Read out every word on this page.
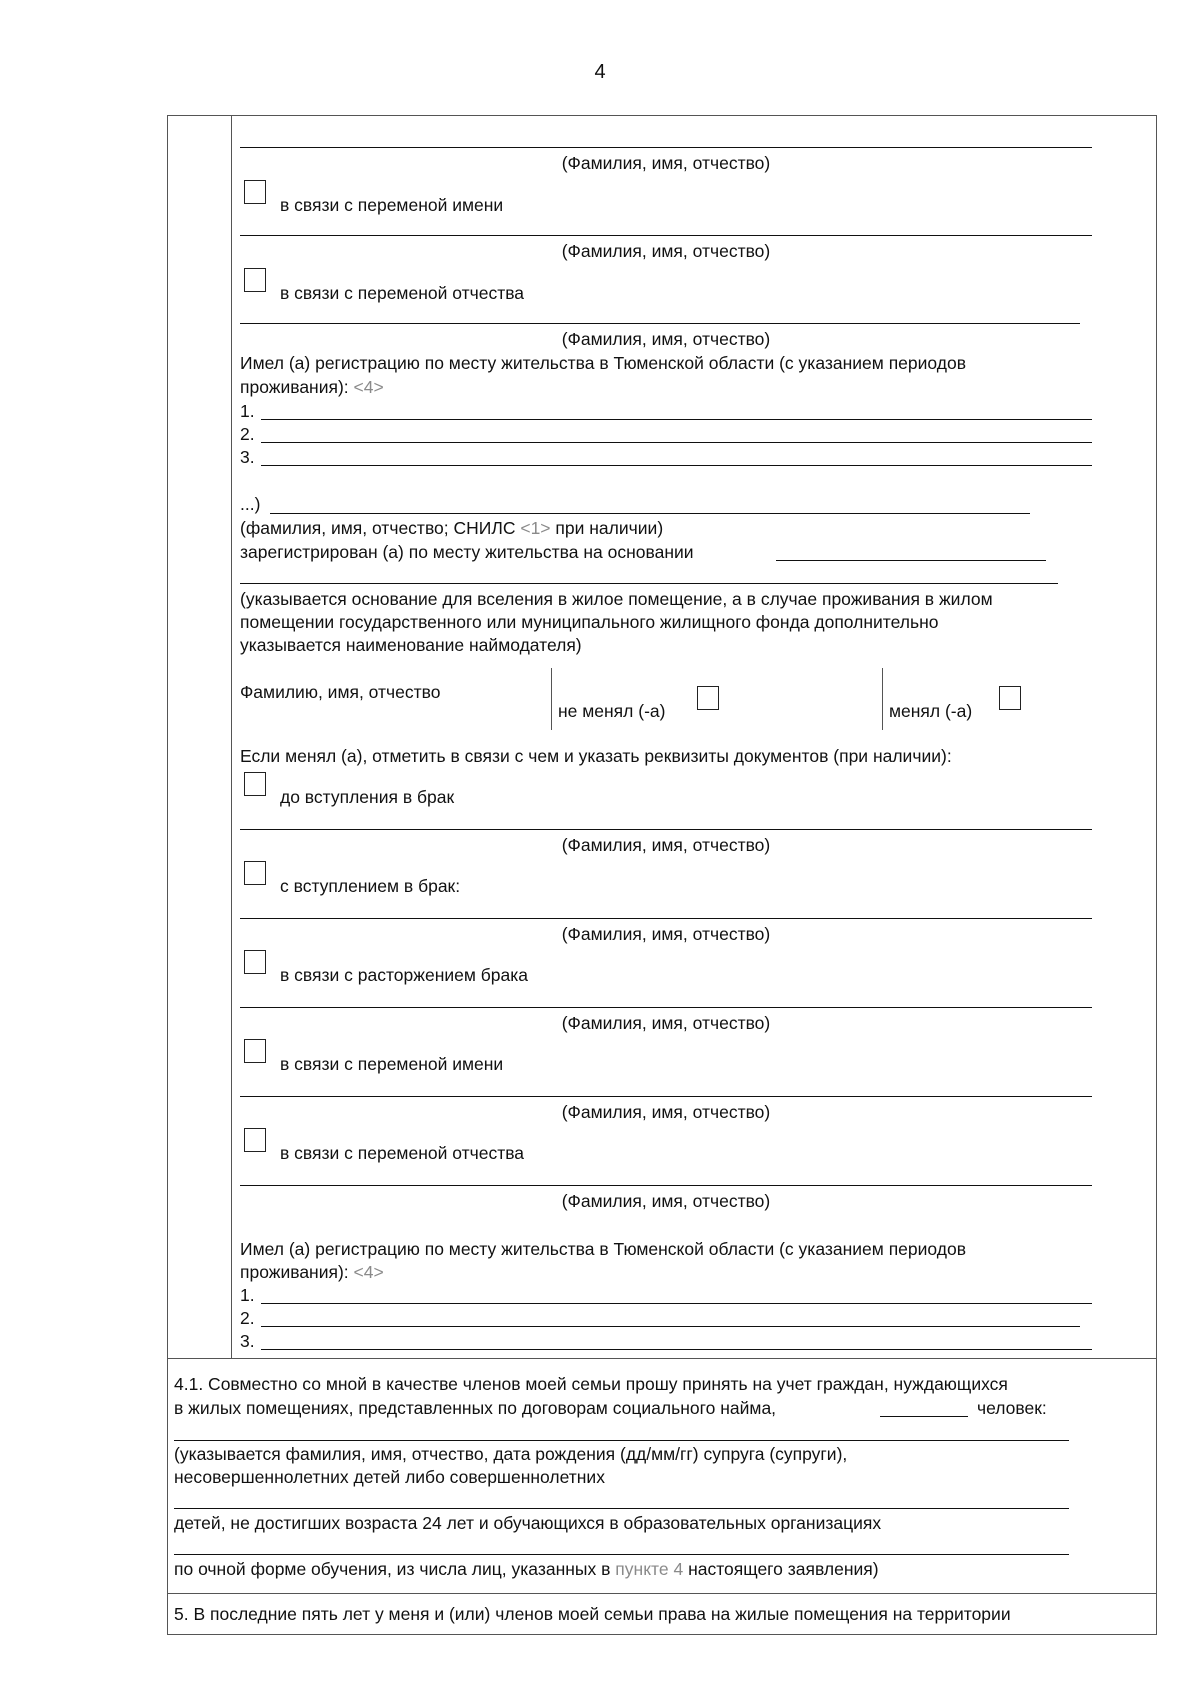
4
(Фамилия, имя, отчество)
в связи с переменой имени
(Фамилия, имя, отчество)
в связи с переменой отчества
(Фамилия, имя, отчество)
Имел (а) регистрацию по месту жительства в Тюменской области (с указанием периодов
проживания): <4>
1.
2.
3.
...)
(фамилия, имя, отчество; СНИЛС <1> при наличии)
зарегистрирован (а) по месту жительства на основании
(указывается основание для вселения в жилое помещение, а в случае проживания в жилом
помещении государственного или муниципального жилищного фонда дополнительно
указывается наименование наймодателя)
Фамилию, имя, отчество
не менял (-а)	менял (-а)
Если менял (а), отметить в связи с чем и указать реквизиты документов (при наличии):
до вступления в брак
(Фамилия, имя, отчество)
с вступлением в брак:
(Фамилия, имя, отчество)
в связи с расторжением брака
(Фамилия, имя, отчество)
в связи с переменой имени
(Фамилия, имя, отчество)
в связи с переменой отчества
(Фамилия, имя, отчество)
Имел (а) регистрацию по месту жительства в Тюменской области (с указанием периодов
проживания): <4>
1.
2.
3.
4.1. Совместно со мной в качестве членов моей семьи прошу принять на учет граждан, нуждающихся
в жилых помещениях, представленных по договорам социального найма,	человек:
(указывается фамилия, имя, отчество, дата рождения (дд/мм/гг) супруга (супруги),
несовершеннолетних детей либо совершеннолетних
детей, не достигших возраста 24 лет и обучающихся в образовательных организациях
по очной форме обучения, из числа лиц, указанных в пункте 4 настоящего заявления)
5. В последние пять лет у меня и (или) членов моей семьи права на жилые помещения на территории
